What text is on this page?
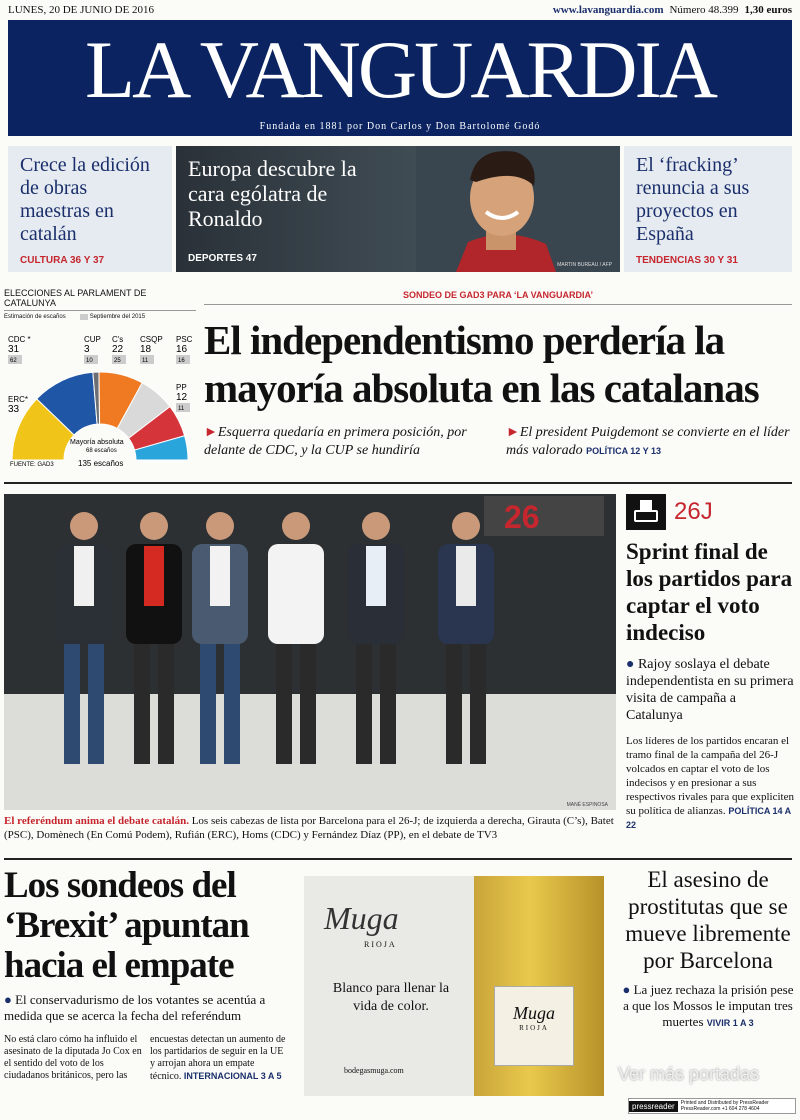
LUNES, 20 DE JUNIO DE 2016	www.lavanguardia.com Número 48.399 1,30 euros
LA VANGUARDIA
Fundada en 1881 por Don Carlos y Don Bartolomé Godó
Crece la edición de obras maestras en catalán
CULTURA 36 Y 37
Europa descubre la cara ególatra de Ronaldo
DEPORTES 47
MARTIN BUREAU / AFP
El ‘fracking’ renuncia a sus proyectos en España
TENDENCIAS 30 Y 31
ELECCIONES AL PARLAMENT DE CATALUNYA
Estimación de escaños	Septiembre del 2015
ERC*
33
CDC *
31
62
CUP
3
10
C's
22
25
CSQP
18
11
PSC
16
16
PP
12
11
Mayoría absoluta
68 escaños
135 escaños
FUENTE: GAD3
SONDEO DE GAD3 PARA ‘LA VANGUARDIA’
El independentismo perdería la mayoría absoluta en las catalanas
►Esquerra quedaría en primera posición, por delante de CDC, y la CUP se hundiría
►El president Puigdemont se convierte en el líder más valorado POLÍTICA 12 Y 13
26
MANÉ ESPINOSA
El referéndum anima el debate catalán. Los seis cabezas de lista por Barcelona para el 26-J; de izquierda a derecha, Girauta (C’s), Batet (PSC), Domènech (En Comú Podem), Rufián (ERC), Homs (CDC) y Fernández Díaz (PP), en el debate de TV3
26J
Sprint final de los partidos para captar el voto indeciso
● Rajoy soslaya el debate independentista en su primera visita de campaña a Catalunya
Los líderes de los partidos encaran el tramo final de la campaña del 26-J volcados en captar el voto de los indecisos y en presionar a sus respectivos rivales para que expliciten su política de alianzas. POLÍTICA 14 A 22
Los sondeos del ‘Brexit’ apuntan hacia el empate
● El conservadurismo de los votantes se acentúa a medida que se acerca la fecha del referéndum
No está claro cómo ha influido el asesinato de la diputada Jo Cox en el sentido del voto de los ciudadanos británicos, pero las
encuestas detectan un aumento de los partidarios de seguir en la UE y arrojan ahora un empate técnico. INTERNACIONAL 3 A 5
Muga
RIOJA
Blanco para llenar la vida de color.
bodegasmuga.com
Muga
RIOJA
El asesino de prostitutas que se mueve libremente por Barcelona
● La juez rechaza la prisión pese a que los Mossos le imputan tres muertes VIVIR 1 A 3
pressreader	Printed and Distributed by PressReader PressReader.com +1 604 278 4604
Ver más portadas
